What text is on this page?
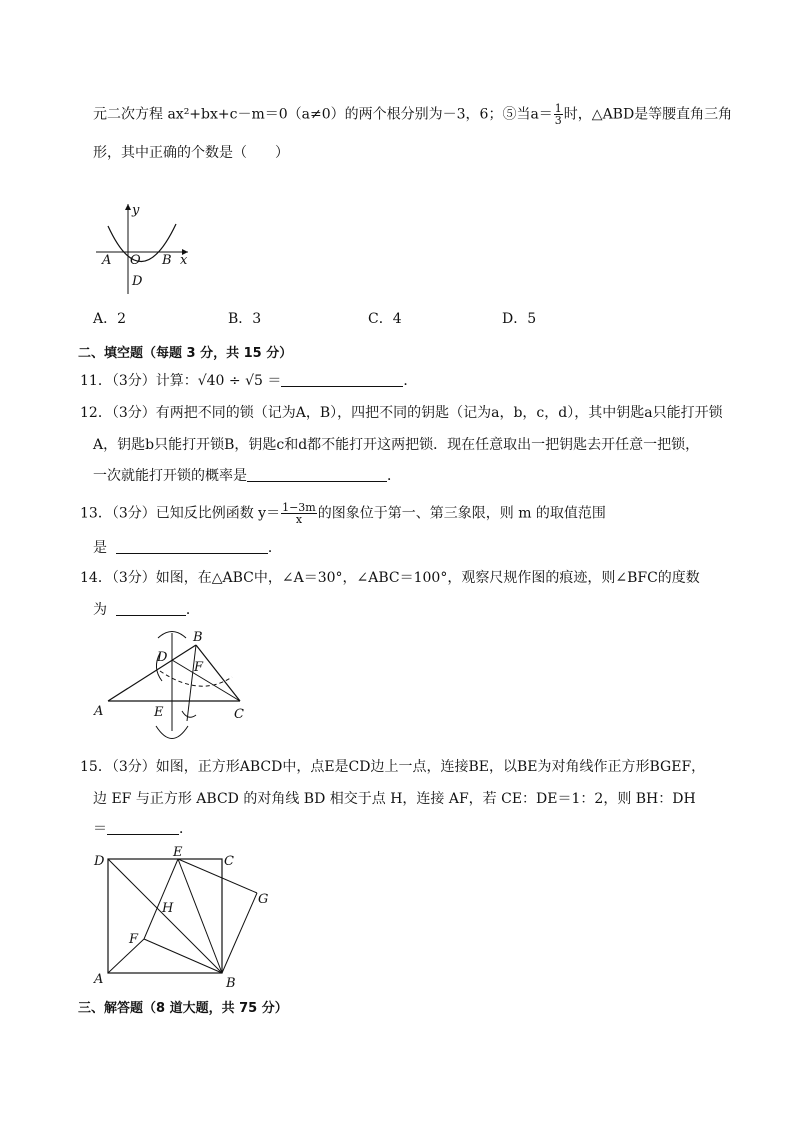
元二次方程 ax²+bx+c－m＝0（a≠0）的两个根分别为－3，6；⑤当$a= \frac{1}{3}$ 时，△ABD是等腰直角三角
形，其中正确的个数是（　　）
y
x
A O B
D
A．2	B．3	C．4	D．5
二、填空题（每题 3 分，共 15 分）
11．（3分）计算：√40 ÷ √5 ＝	．
12．（3分）有两把不同的锁（记为A，B），四把不同的钥匙（记为a，b，c，d），其中钥匙a只能打开锁
A，钥匙b只能打开锁B，钥匙c和d都不能打开这两把锁．现在任意取出一把钥匙去开任意一把锁，
一次就能打开锁的概率是	．
13．（3分）已知反比例函数 $y= \frac{1-3m}{x}$ 的图象位于第一、第三象限，则 m 的取值范围
是	．
14．（3分）如图，在△ABC中，∠A＝30°，∠ABC＝100°，观察尺规作图的痕迹，则∠BFC的度数
为	．
A
B
C
D
E
F
15．（3分）如图，正方形ABCD中，点E是CD边上一点，连接BE，以BE为对角线作正方形BGEF，
边 EF 与正方形 ABCD 的对角线 BD 相交于点 H，连接 AF，若 CE：DE＝1：2，则 BH：DH
＝	．
A	B
C
D
E
F
G
H
三、解答题（8 道大题，共 75 分）
